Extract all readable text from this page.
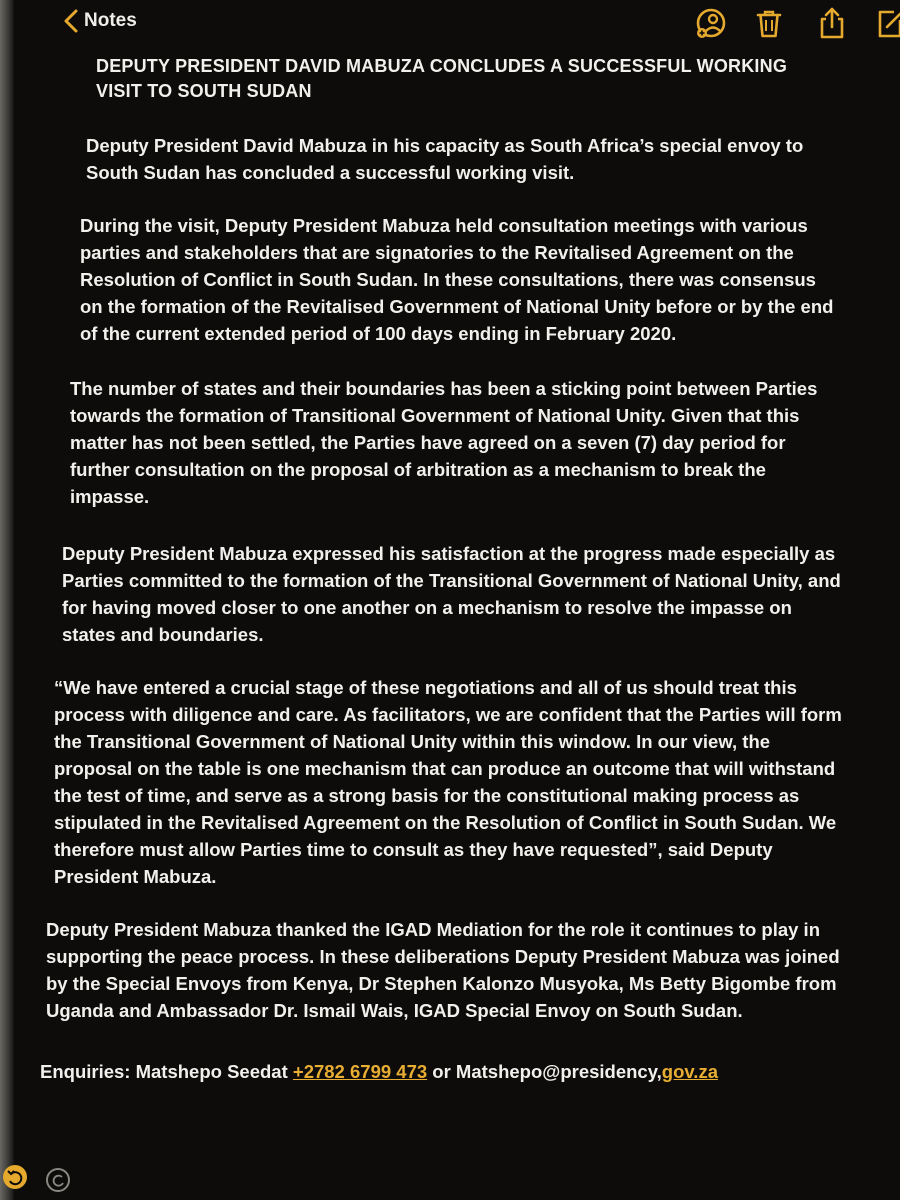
Notes
DEPUTY PRESIDENT DAVID MABUZA CONCLUDES A SUCCESSFUL WORKING VISIT TO SOUTH SUDAN

Deputy President David Mabuza in his capacity as South Africa’s special envoy to South Sudan has concluded a successful working visit.

During the visit, Deputy President Mabuza held consultation meetings with various parties and stakeholders that are signatories to the Revitalised Agreement on the Resolution of Conflict in South Sudan. In these consultations, there was consensus on the formation of the Revitalised Government of National Unity before or by the end of the current extended period of 100 days ending in February 2020.

The number of states and their boundaries has been a sticking point between Parties towards the formation of Transitional Government of National Unity. Given that this matter has not been settled, the Parties have agreed on a seven (7) day period for further consultation on the proposal of arbitration as a mechanism to break the impasse.

Deputy President Mabuza expressed his satisfaction at the progress made especially as Parties committed to the formation of the Transitional Government of National Unity, and for having moved closer to one another on a mechanism to resolve the impasse on states and boundaries.

“We have entered a crucial stage of these negotiations and all of us should treat this process with diligence and care. As facilitators, we are confident that the Parties will form the Transitional Government of National Unity within this window. In our view, the proposal on the table is one mechanism that can produce an outcome that will withstand the test of time, and serve as a strong basis for the constitutional making process as stipulated in the Revitalised Agreement on the Resolution of Conflict in South Sudan. We therefore must allow Parties time to consult as they have requested”, said Deputy President Mabuza.

Deputy President Mabuza thanked the IGAD Mediation for the role it continues to play in supporting the peace process. In these deliberations Deputy President Mabuza was joined by the Special Envoys from Kenya, Dr Stephen Kalonzo Musyoka, Ms Betty Bigombe from Uganda and Ambassador Dr. Ismail Wais, IGAD Special Envoy on South Sudan.

Enquiries: Matshepo Seedat +2782 6799 473 or Matshepo@presidency,gov.za
